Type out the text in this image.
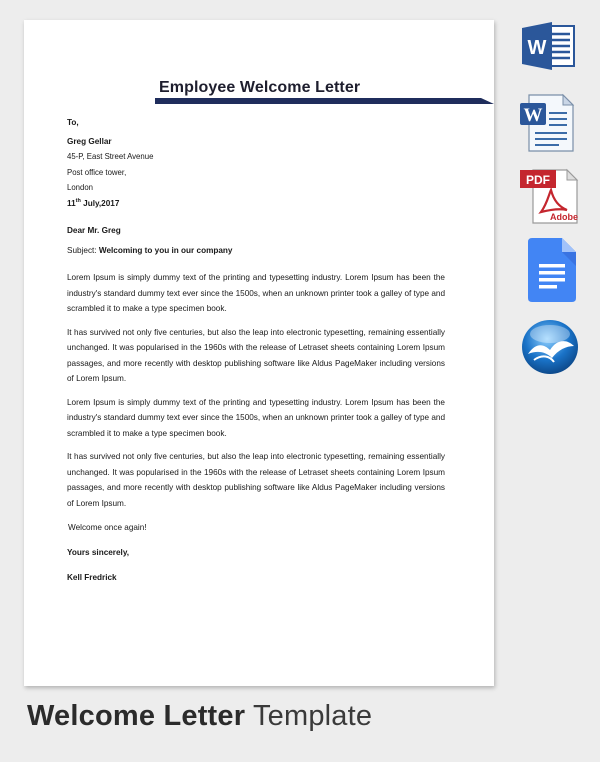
Employee Welcome Letter

To,

Greg Gellar

45-P, East Street Avenue

Post office tower,

London

11th July,2017

Dear Mr. Greg

Subject: Welcoming to you in our company

Lorem Ipsum is simply dummy text of the printing and typesetting industry. Lorem Ipsum has been the industry's standard dummy text ever since the 1500s, when an unknown printer took a galley of type and scrambled it to make a type specimen book.

It has survived not only five centuries, but also the leap into electronic typesetting, remaining essentially unchanged. It was popularised in the 1960s with the release of Letraset sheets containing Lorem Ipsum passages, and more recently with desktop publishing software like Aldus PageMaker including versions of Lorem Ipsum.

Lorem Ipsum is simply dummy text of the printing and typesetting industry. Lorem Ipsum has been the industry's standard dummy text ever since the 1500s, when an unknown printer took a galley of type and scrambled it to make a type specimen book.

It has survived not only five centuries, but also the leap into electronic typesetting, remaining essentially unchanged. It was popularised in the 1960s with the release of Letraset sheets containing Lorem Ipsum passages, and more recently with desktop publishing software like Aldus PageMaker including versions of Lorem Ipsum.

Welcome once again!

Yours sincerely,

Kell Fredrick

W
W
PDF
Adobe
Welcome Letter Template
